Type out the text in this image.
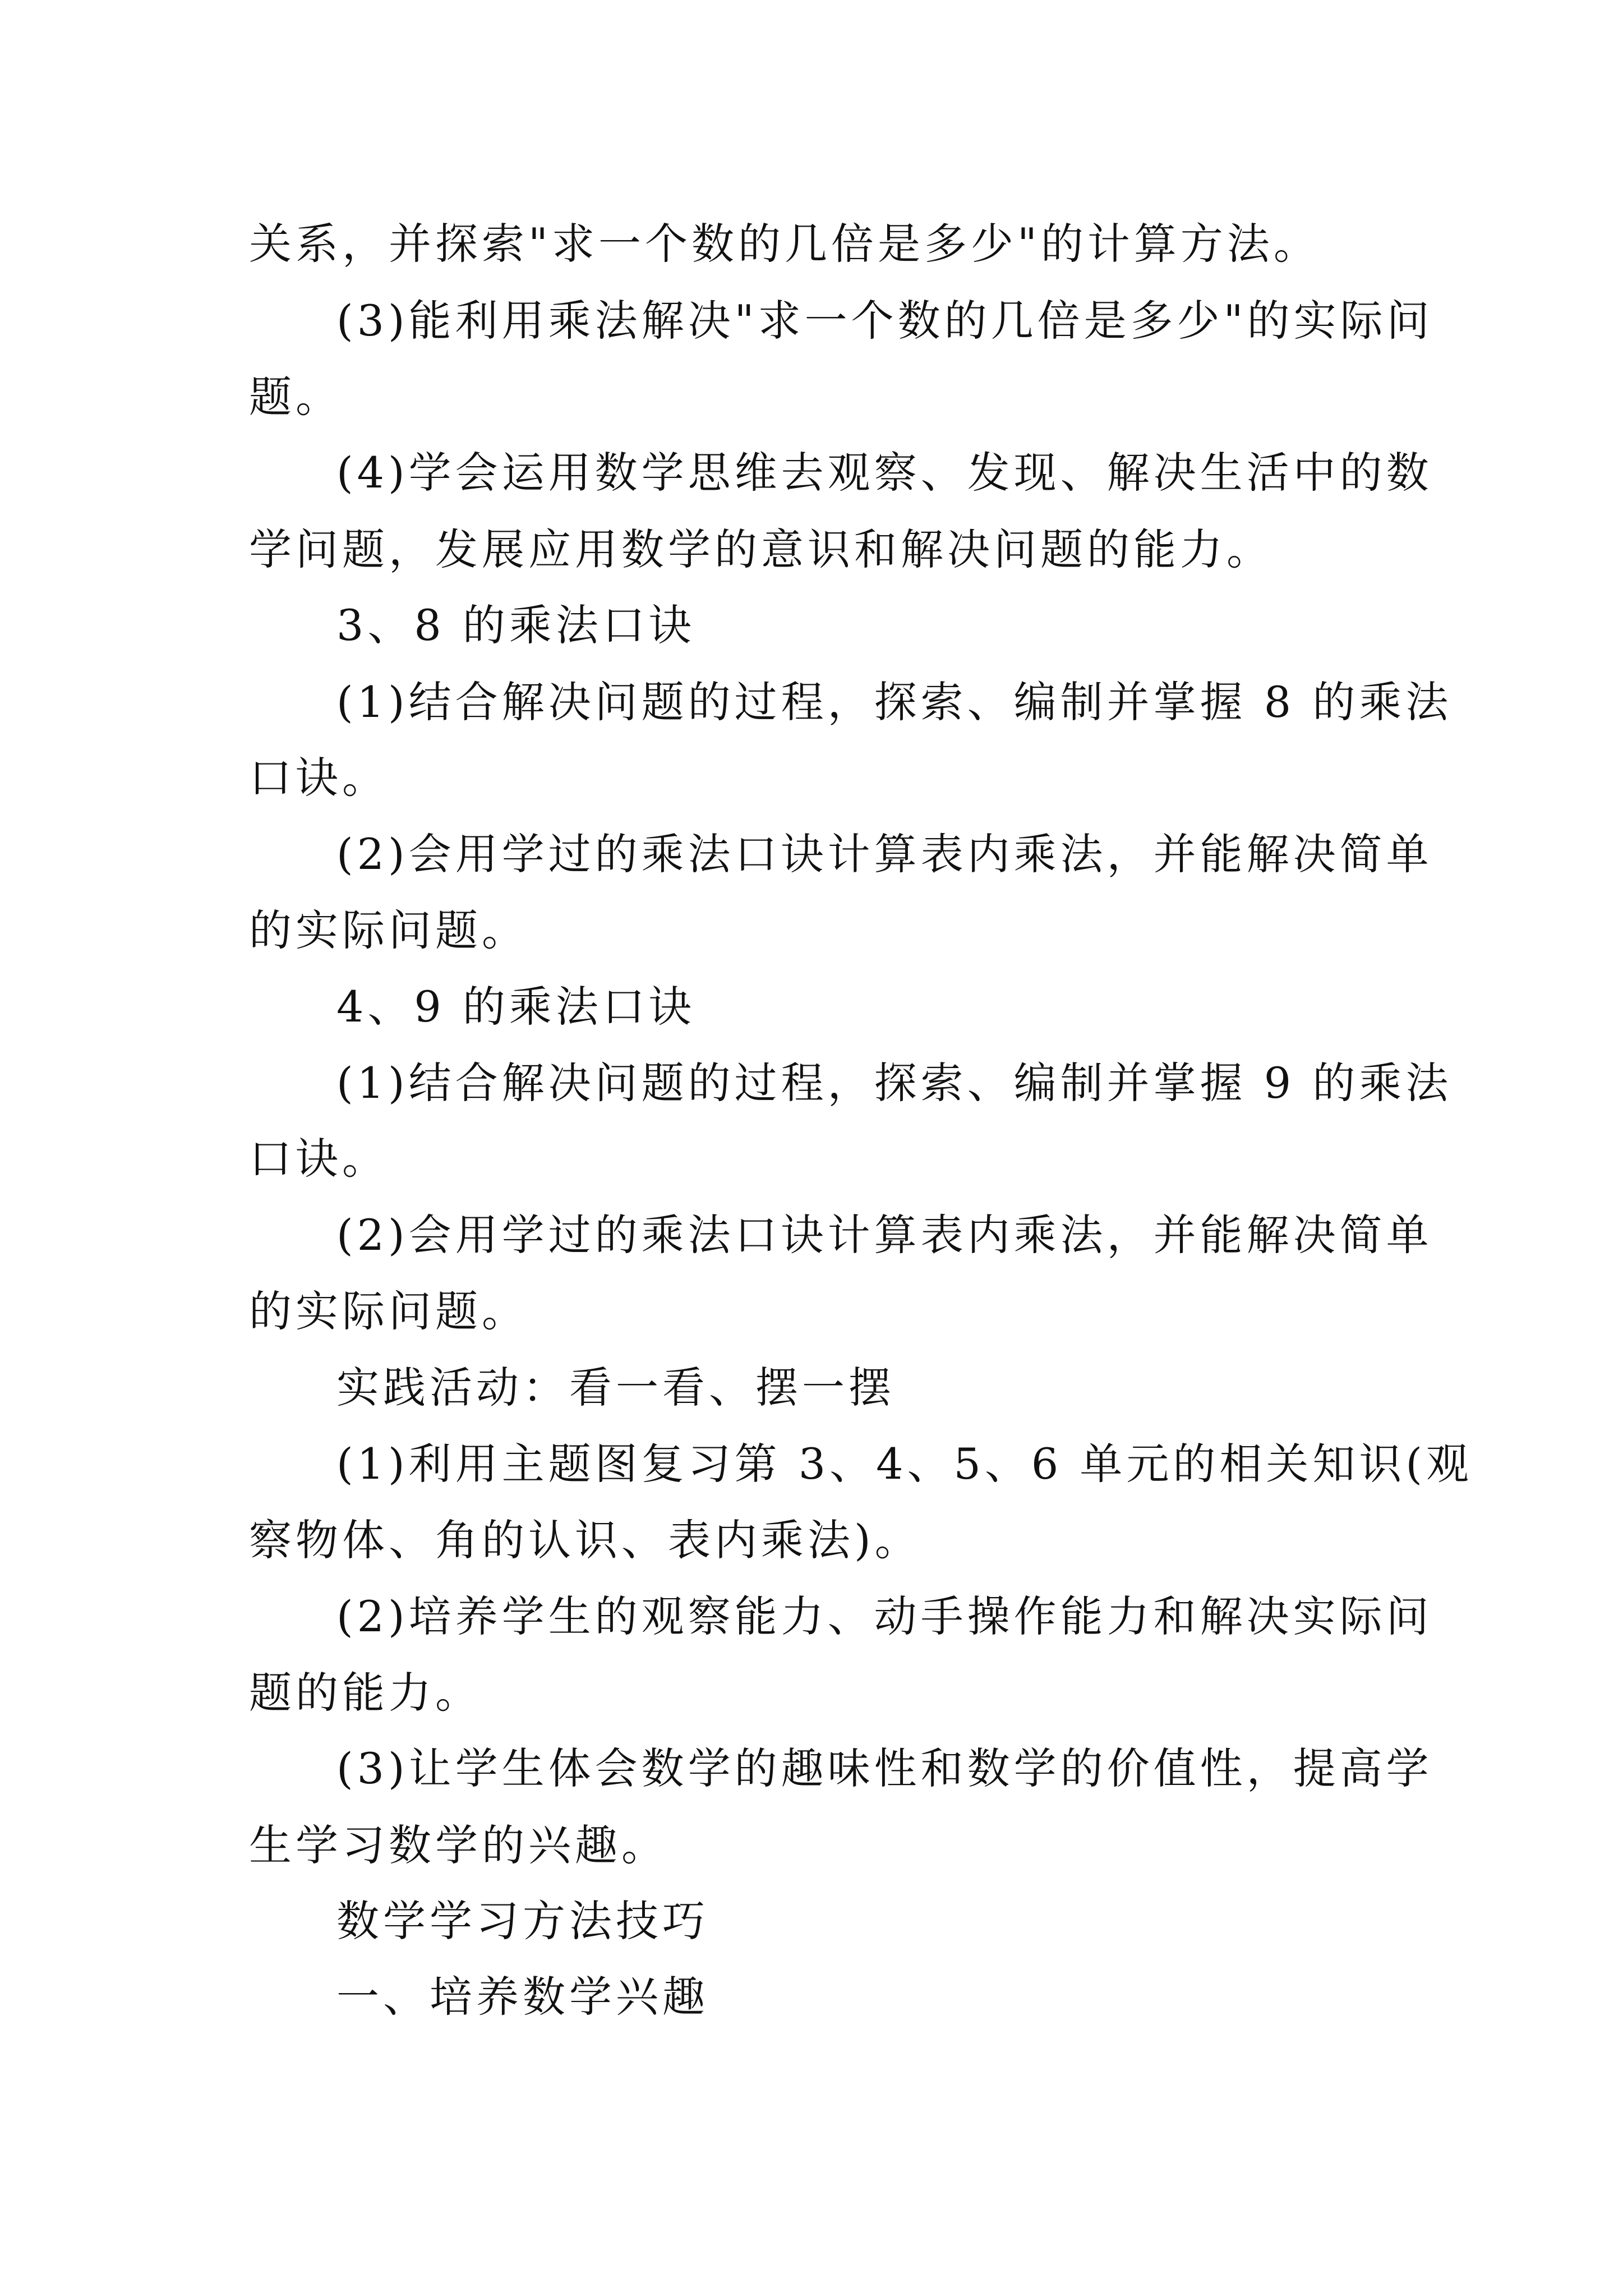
关系，并探索"求一个数的几倍是多少"的计算方法。
(3)能利用乘法解决"求一个数的几倍是多少"的实际问
题。
(4)学会运用数学思维去观察、发现、解决生活中的数
学问题，发展应用数学的意识和解决问题的能力。
3、8 的乘法口诀
(1)结合解决问题的过程，探索、编制并掌握 8 的乘法
口诀。
(2)会用学过的乘法口诀计算表内乘法，并能解决简单
的实际问题。
4、9 的乘法口诀
(1)结合解决问题的过程，探索、编制并掌握 9 的乘法
口诀。
(2)会用学过的乘法口诀计算表内乘法，并能解决简单
的实际问题。
实践活动：看一看、摆一摆
(1)利用主题图复习第 3、4、5、6 单元的相关知识(观
察物体、角的认识、表内乘法)。
(2)培养学生的观察能力、动手操作能力和解决实际问
题的能力。
(3)让学生体会数学的趣味性和数学的价值性，提高学
生学习数学的兴趣。
数学学习方法技巧
一、培养数学兴趣
